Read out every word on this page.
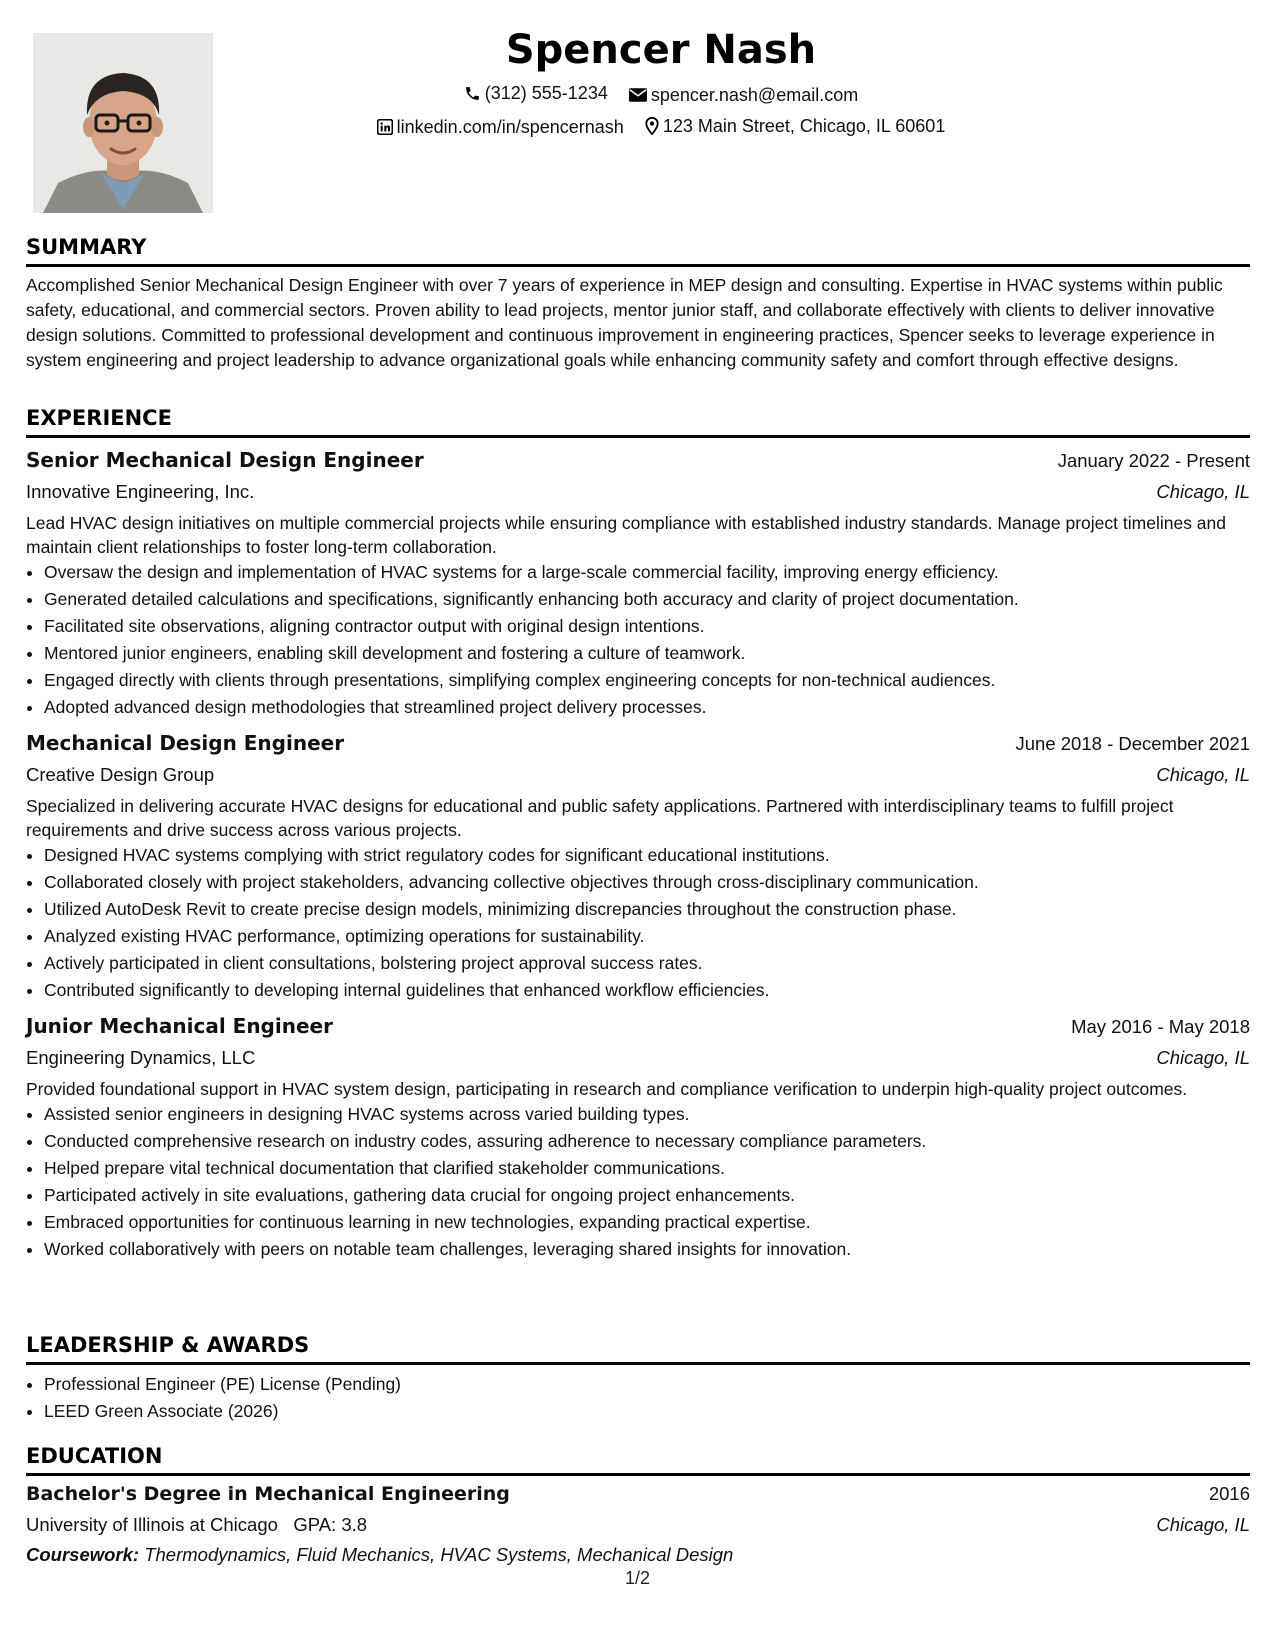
Spencer Nash
(312) 555-1234
spencer.nash@email.com
linkedin.com/in/spencernash
123 Main Street, Chicago, IL 60601
SUMMARY

Accomplished Senior Mechanical Design Engineer with over 7 years of experience in MEP design and consulting. Expertise in HVAC systems within public safety, educational, and commercial sectors. Proven ability to lead projects, mentor junior staff, and collaborate effectively with clients to deliver innovative design solutions. Committed to professional development and continuous improvement in engineering practices, Spencer seeks to leverage experience in system engineering and project leadership to advance organizational goals while enhancing community safety and comfort through effective designs.

EXPERIENCE
Senior Mechanical Design Engineer	January 2022 - Present
Innovative Engineering, Inc.	Chicago, IL

Lead HVAC design initiatives on multiple commercial projects while ensuring compliance with established industry standards. Manage project timelines and maintain client relationships to foster long-term collaboration.

• Oversaw the design and implementation of HVAC systems for a large-scale commercial facility, improving energy efficiency.
• Generated detailed calculations and specifications, significantly enhancing both accuracy and clarity of project documentation.
• Facilitated site observations, aligning contractor output with original design intentions.
• Mentored junior engineers, enabling skill development and fostering a culture of teamwork.
• Engaged directly with clients through presentations, simplifying complex engineering concepts for non-technical audiences.
• Adopted advanced design methodologies that streamlined project delivery processes.
Mechanical Design Engineer	June 2018 - December 2021
Creative Design Group	Chicago, IL

Specialized in delivering accurate HVAC designs for educational and public safety applications. Partnered with interdisciplinary teams to fulfill project requirements and drive success across various projects.

• Designed HVAC systems complying with strict regulatory codes for significant educational institutions.
• Collaborated closely with project stakeholders, advancing collective objectives through cross-disciplinary communication.
• Utilized AutoDesk Revit to create precise design models, minimizing discrepancies throughout the construction phase.
• Analyzed existing HVAC performance, optimizing operations for sustainability.
• Actively participated in client consultations, bolstering project approval success rates.
• Contributed significantly to developing internal guidelines that enhanced workflow efficiencies.
Junior Mechanical Engineer	May 2016 - May 2018
Engineering Dynamics, LLC	Chicago, IL

Provided foundational support in HVAC system design, participating in research and compliance verification to underpin high-quality project outcomes.

• Assisted senior engineers in designing HVAC systems across varied building types.
• Conducted comprehensive research on industry codes, assuring adherence to necessary compliance parameters.
• Helped prepare vital technical documentation that clarified stakeholder communications.
• Participated actively in site evaluations, gathering data crucial for ongoing project enhancements.
• Embraced opportunities for continuous learning in new technologies, expanding practical expertise.
• Worked collaboratively with peers on notable team challenges, leveraging shared insights for innovation.
LEADERSHIP & AWARDS
• Professional Engineer (PE) License (Pending)
• LEED Green Associate (2026)
EDUCATION
Bachelor's Degree in Mechanical Engineering	2016
University of Illinois at Chicago GPA: 3.8	Chicago, IL
Coursework: Thermodynamics, Fluid Mechanics, HVAC Systems, Mechanical Design
1/2
